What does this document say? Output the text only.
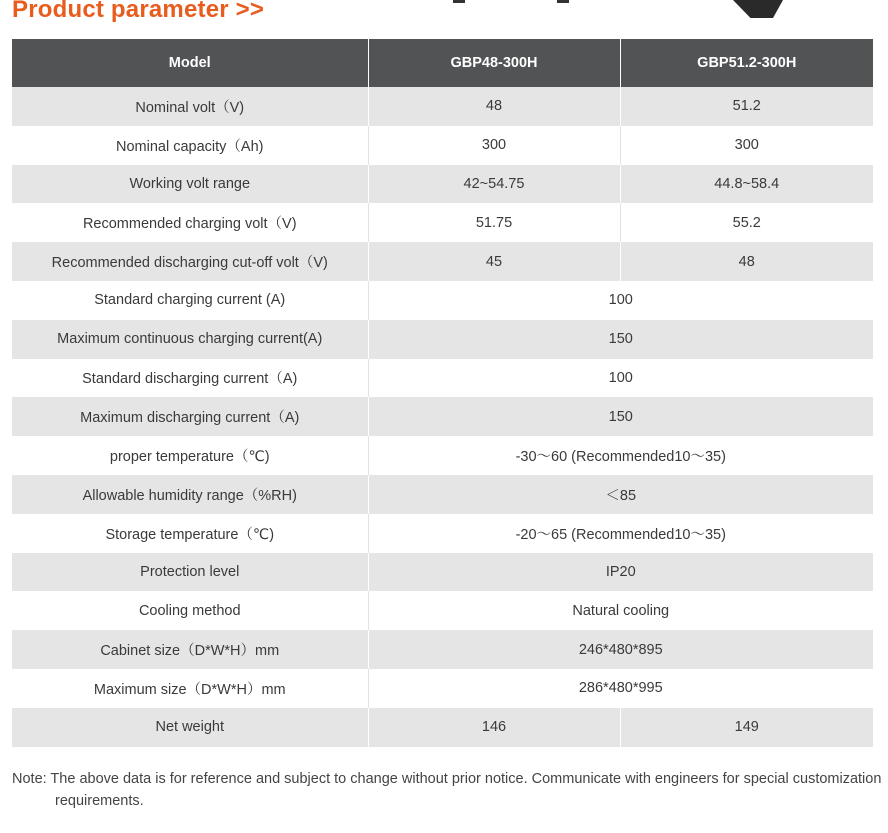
Product parameter >>
Model	GBP48-300H	GBP51.2-300H
Nominal volt（V)	48	51.2
Nominal capacity（Ah)	300	300
Working volt range	42~54.75	44.8~58.4
Recommended charging volt（V)	51.75	55.2
Recommended discharging cut-off volt（V)	45	48
Standard charging current (A)	100	
Maximum continuous charging current(A)	150	
Standard discharging current（A)	100	
Maximum discharging current（A)	150	
proper temperature（℃)	-30～60 (Recommended10～35)	
Allowable humidity range（%RH)	＜85	
Storage temperature（℃)	-20～65 (Recommended10～35)	
Protection level	IP20	
Cooling method	Natural cooling	
Cabinet size（D*W*H）mm	246*480*895	
Maximum size（D*W*H）mm	286*480*995	
Net weight	146	149
Note: The above data is for reference and subject to change without prior notice. Communicate with engineers for special customization requirements.
